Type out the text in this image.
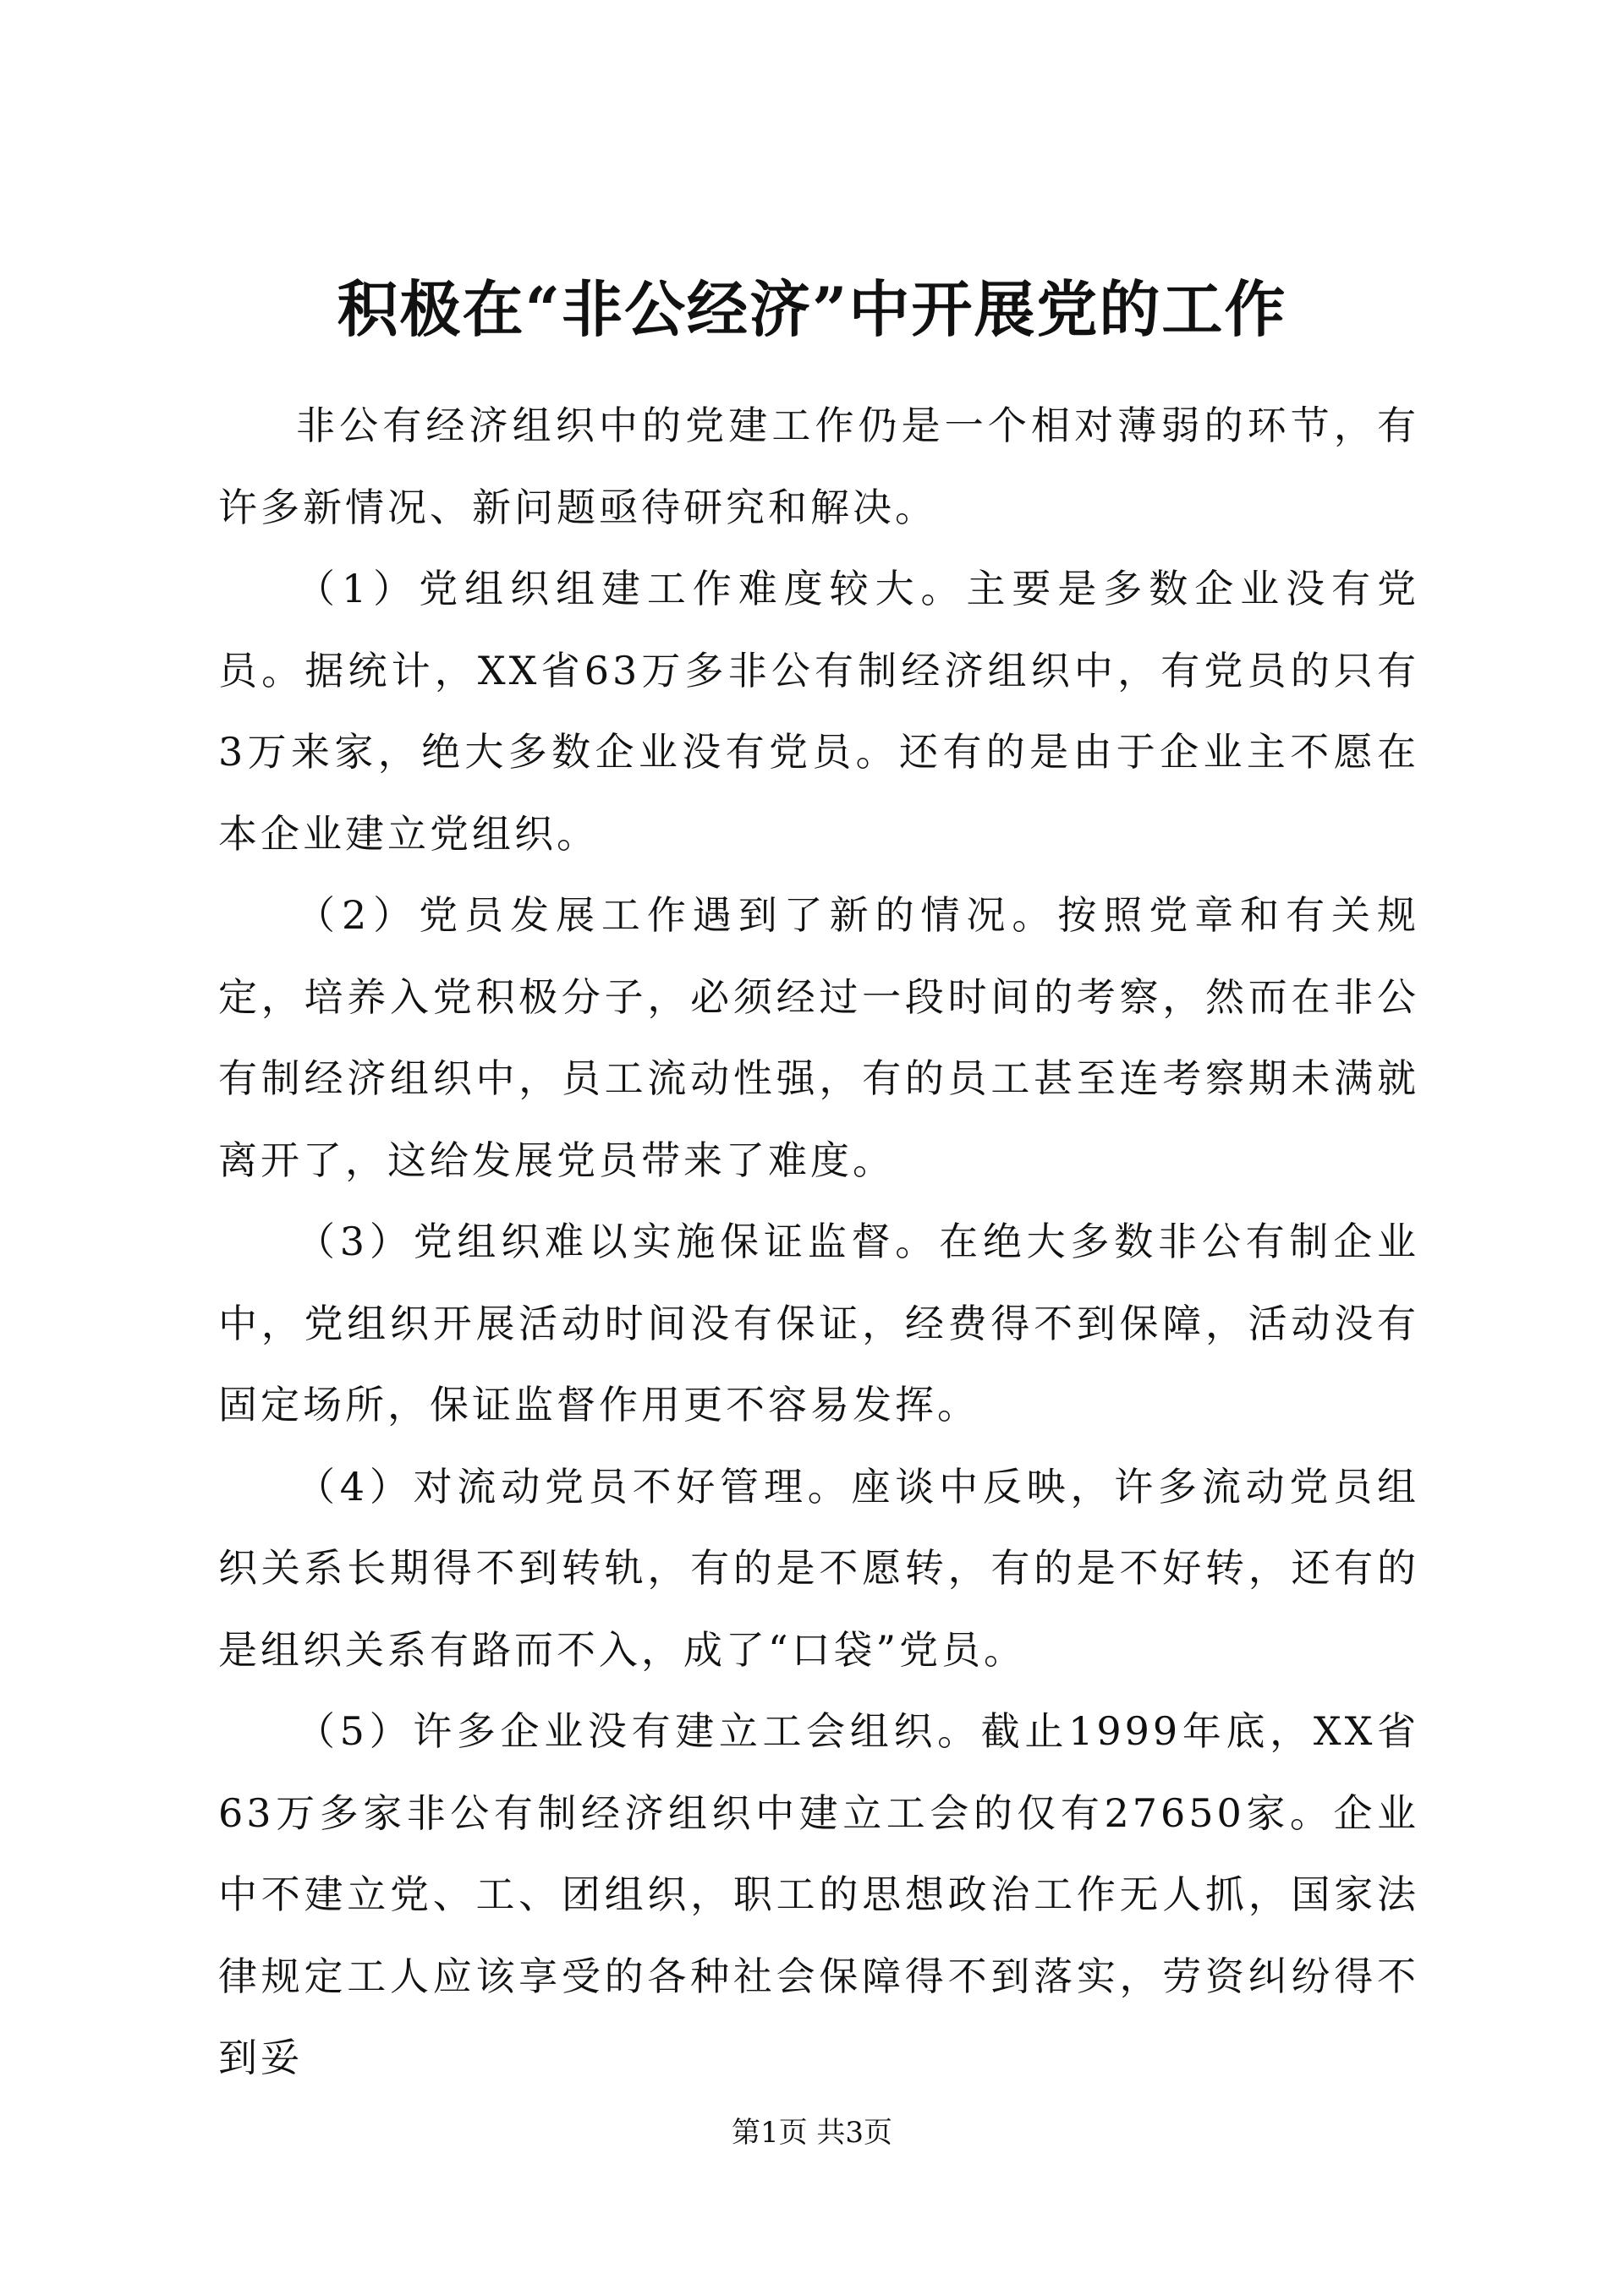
积极在“非公经济”中开展党的工作

非公有经济组织中的党建工作仍是一个相对薄弱的环节，有许多新情况、新问题亟待研究和解决。

（1）党组织组建工作难度较大。主要是多数企业没有党员。据统计，XX省63万多非公有制经济组织中，有党员的只有3万来家，绝大多数企业没有党员。还有的是由于企业主不愿在本企业建立党组织。

（2）党员发展工作遇到了新的情况。按照党章和有关规定，培养入党积极分子，必须经过一段时间的考察，然而在非公有制经济组织中，员工流动性强，有的员工甚至连考察期未满就离开了，这给发展党员带来了难度。

（3）党组织难以实施保证监督。在绝大多数非公有制企业中，党组织开展活动时间没有保证，经费得不到保障，活动没有固定场所，保证监督作用更不容易发挥。

（4）对流动党员不好管理。座谈中反映，许多流动党员组织关系长期得不到转轨，有的是不愿转，有的是不好转，还有的是组织关系有路而不入，成了“口袋”党员。

（5）许多企业没有建立工会组织。截止1999年底，XX省63万多家非公有制经济组织中建立工会的仅有27650家。企业中不建立党、工、团组织，职工的思想政治工作无人抓，国家法律规定工人应该享受的各种社会保障得不到落实，劳资纠纷得不到妥

第1页 共3页
